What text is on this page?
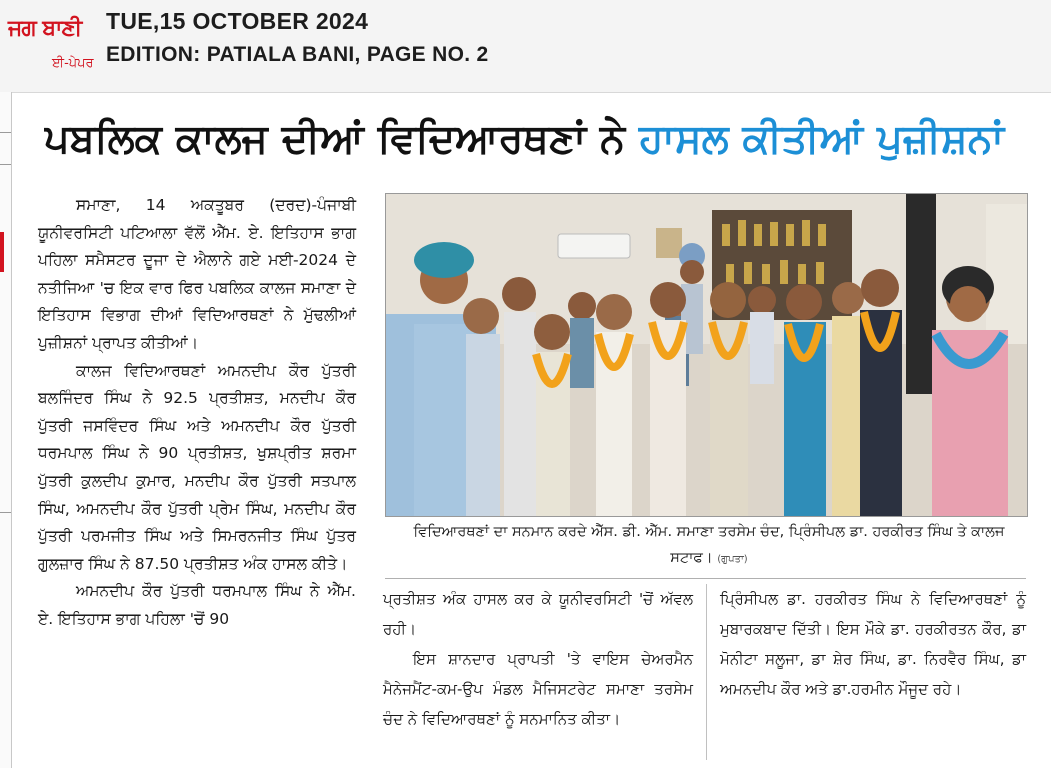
ਜਗ ਬਾਣੀ
ਈ-ਪੇਪਰ
TUE,15 OCTOBER 2024
EDITION: PATIALA BANI, PAGE NO. 2
ਪਬਲਿਕ ਕਾਲਜ ਦੀਆਂ ਵਿਦਿਆਰਥਣਾਂ ਨੇ ਹਾਸਲ ਕੀਤੀਆਂ ਪੁਜ਼ੀਸ਼ਨਾਂ

ਸਮਾਣਾ, 14 ਅਕਤੂਬਰ (ਦਰਦ)-ਪੰਜਾਬੀ ਯੂਨੀਵਰਸਿਟੀ ਪਟਿਆਲਾ ਵੱਲੋਂ ਐੱਮ. ਏ. ਇਤਿਹਾਸ ਭਾਗ ਪਹਿਲਾ ਸਮੈਸਟਰ ਦੂਜਾ ਦੇ ਐਲਾਨੇ ਗਏ ਮਈ-2024 ਦੇ ਨਤੀਜਿਆ 'ਚ ਇਕ ਵਾਰ ਫਿਰ ਪਬਲਿਕ ਕਾਲਜ ਸਮਾਣਾ ਦੇ ਇਤਿਹਾਸ ਵਿਭਾਗ ਦੀਆਂ ਵਿਦਿਆਰਥਣਾਂ ਨੇ ਮੁੱਢਲੀਆਂ ਪੁਜ਼ੀਸ਼ਨਾਂ ਪ੍ਰਾਪਤ ਕੀਤੀਆਂ।

ਕਾਲਜ ਵਿਦਿਆਰਥਣਾਂ ਅਮਨਦੀਪ ਕੌਰ ਪੁੱਤਰੀ ਬਲਜਿੰਦਰ ਸਿੰਘ ਨੇ 92.5 ਪ੍ਰਤੀਸ਼ਤ, ਮਨਦੀਪ ਕੌਰ ਪੁੱਤਰੀ ਜਸਵਿੰਦਰ ਸਿੰਘ ਅਤੇ ਅਮਨਦੀਪ ਕੌਰ ਪੁੱਤਰੀ ਧਰਮਪਾਲ ਸਿੰਘ ਨੇ 90 ਪ੍ਰਤੀਸ਼ਤ, ਖੁਸ਼ਪ੍ਰੀਤ ਸ਼ਰਮਾ ਪੁੱਤਰੀ ਕੁਲਦੀਪ ਕੁਮਾਰ, ਮਨਦੀਪ ਕੌਰ ਪੁੱਤਰੀ ਸਤਪਾਲ ਸਿੰਘ, ਅਮਨਦੀਪ ਕੌਰ ਪੁੱਤਰੀ ਪ੍ਰੇਮ ਸਿੰਘ, ਮਨਦੀਪ ਕੌਰ ਪੁੱਤਰੀ ਪਰਮਜੀਤ ਸਿੰਘ ਅਤੇ ਸਿਮਰਨਜੀਤ ਸਿੰਘ ਪੁੱਤਰ ਗੁਲਜ਼ਾਰ ਸਿੰਘ ਨੇ 87.50 ਪ੍ਰਤੀਸ਼ਤ ਅੰਕ ਹਾਸਲ ਕੀਤੇ।

ਅਮਨਦੀਪ ਕੌਰ ਪੁੱਤਰੀ ਧਰਮਪਾਲ ਸਿੰਘ ਨੇ ਐੱਮ. ਏ. ਇਤਿਹਾਸ ਭਾਗ ਪਹਿਲਾ 'ਚੋਂ 90

ਵਿਦਿਆਰਥਣਾਂ ਦਾ ਸਨਮਾਨ ਕਰਦੇ ਐੱਸ. ਡੀ. ਐੱਮ. ਸਮਾਣਾ ਤਰਸੇਮ ਚੰਦ, ਪ੍ਰਿੰਸੀਪਲ ਡਾ. ਹਰਕੀਰਤ ਸਿੰਘ ਤੇ ਕਾਲਜ ਸਟਾਫ। (ਗੁਪਤਾ)

ਪ੍ਰਤੀਸ਼ਤ ਅੰਕ ਹਾਸਲ ਕਰ ਕੇ ਯੂਨੀਵਰਸਿਟੀ 'ਚੋਂ ਅੱਵਲ ਰਹੀ।

ਇਸ ਸ਼ਾਨਦਾਰ ਪ੍ਰਾਪਤੀ 'ਤੇ ਵਾਇਸ ਚੇਅਰਮੈਨ ਮੈਨੇਜਮੈਂਟ-ਕਮ-ਉਪ ਮੰਡਲ ਮੈਜਿਸਟਰੇਟ ਸਮਾਣਾ ਤਰਸੇਮ ਚੰਦ ਨੇ ਵਿਦਿਆਰਥਣਾਂ ਨੂੰ ਸਨਮਾਨਿਤ ਕੀਤਾ।

ਪ੍ਰਿੰਸੀਪਲ ਡਾ. ਹਰਕੀਰਤ ਸਿੰਘ ਨੇ ਵਿਦਿਆਰਥਣਾਂ ਨੂੰ ਮੁਬਾਰਕਬਾਦ ਦਿੱਤੀ। ਇਸ ਮੌਕੇ ਡਾ. ਹਰਕੀਰਤਨ ਕੌਰ, ਡਾ ਮੋਨੀਟਾ ਸਲੂਜਾ, ਡਾ ਸ਼ੇਰ ਸਿੰਘ, ਡਾ. ਨਿਰਵੈਰ ਸਿੰਘ, ਡਾ ਅਮਨਦੀਪ ਕੌਰ ਅਤੇ ਡਾ.ਹਰਮੀਨ ਮੌਜੂਦ ਰਹੇ।
